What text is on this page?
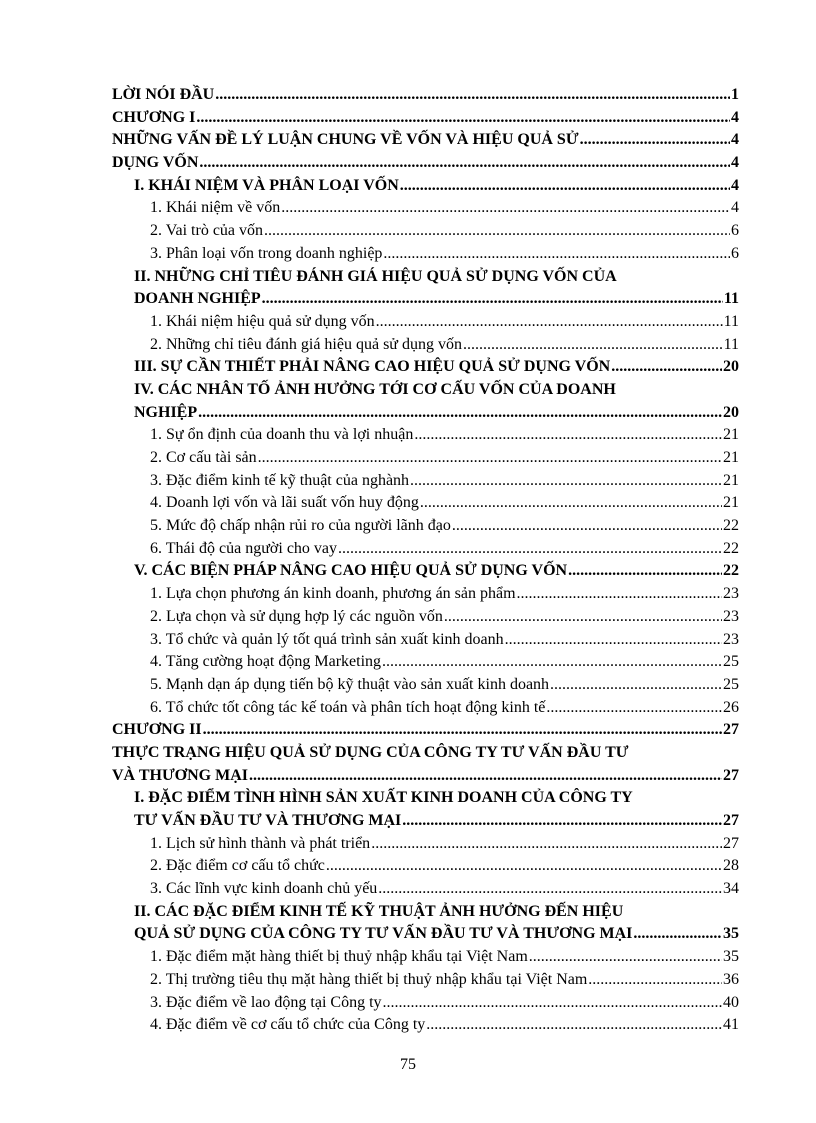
LỜI NÓI ĐẦU .....	1
CHƯƠNG I .....	4
NHỮNG VẤN ĐỀ LÝ LUẬN CHUNG VỀ VỐN VÀ HIỆU QUẢ SỬ .....	4
DỤNG VỐN .....	4
I. KHÁI NIỆM VÀ PHÂN LOẠI VỐN .....	4
1. Khái niệm về vốn .....	4
2. Vai trò của vốn .....	6
3. Phân loại vốn trong doanh nghiệp .....	6
II. NHỮNG CHỈ TIÊU ĐÁNH GIÁ HIỆU QUẢ SỬ DỤNG VỐN CỦA
DOANH NGHIỆP .....	11
1. Khái niệm hiệu quả sử dụng vốn .....	11
2. Những chỉ tiêu đánh giá hiệu quả sử dụng vốn .....	11
III. SỰ CẦN THIẾT PHẢI NÂNG CAO HIỆU QUẢ SỬ DỤNG VỐN .....	20
IV. CÁC NHÂN TỐ ẢNH HƯỞNG TỚI CƠ CẤU VỐN CỦA DOANH
NGHIỆP .....	20
1. Sự ổn định của doanh thu và lợi nhuận .....	21
2. Cơ cấu tài sản .....	21
3. Đặc điểm kinh tế kỹ thuật của nghành .....	21
4. Doanh lợi vốn và lãi suất vốn huy động .....	21
5. Mức độ chấp nhận rủi ro của người lãnh đạo .....	22
6. Thái độ của người cho vay .....	22
V. CÁC BIỆN PHÁP NÂNG CAO HIỆU QUẢ SỬ DỤNG VỐN .....	22
1. Lựa chọn phương án kinh doanh, phương án sản phẩm .....	23
2. Lựa chọn và sử dụng hợp lý các nguồn vốn .....	23
3. Tổ chức và quản lý tốt quá trình sản xuất kinh doanh .....	23
4. Tăng cường hoạt động Marketing .....	25
5. Mạnh dạn áp dụng tiến bộ kỹ thuật vào sản xuất kinh doanh .....	25
6. Tổ chức tốt công tác kế toán và phân tích hoạt động kinh tế .....	26
CHƯƠNG II .....	27
THỰC TRẠNG HIỆU QUẢ SỬ DỤNG CỦA CÔNG TY TƯ VẤN ĐẦU TƯ
VÀ THƯƠNG MẠI .....	27
I. ĐẶC ĐIỂM TÌNH HÌNH SẢN XUẤT KINH DOANH CỦA CÔNG TY
TƯ VẤN ĐẦU TƯ VÀ THƯƠNG MẠI .....	27
1. Lịch sử hình thành và phát triển .....	27
2. Đặc điểm cơ cấu tổ chức .....	28
3. Các lĩnh vực kinh doanh chủ yếu .....	34
II. CÁC ĐẶC ĐIỂM KINH TẾ KỸ THUẬT ẢNH HƯỞNG ĐẾN HIỆU
QUẢ SỬ DỤNG CỦA CÔNG TY TƯ VẤN ĐẦU TƯ VÀ THƯƠNG MẠI .....	35
1. Đặc điểm mặt hàng thiết bị thuỷ nhập khẩu tại Việt Nam .....	35
2. Thị trường tiêu thụ mặt hàng thiết bị thuỷ nhập khẩu tại Việt Nam .....	36
3. Đặc điểm về lao động tại Công ty .....	40
4. Đặc điểm về cơ cấu tổ chức của Công ty .....	41
75
